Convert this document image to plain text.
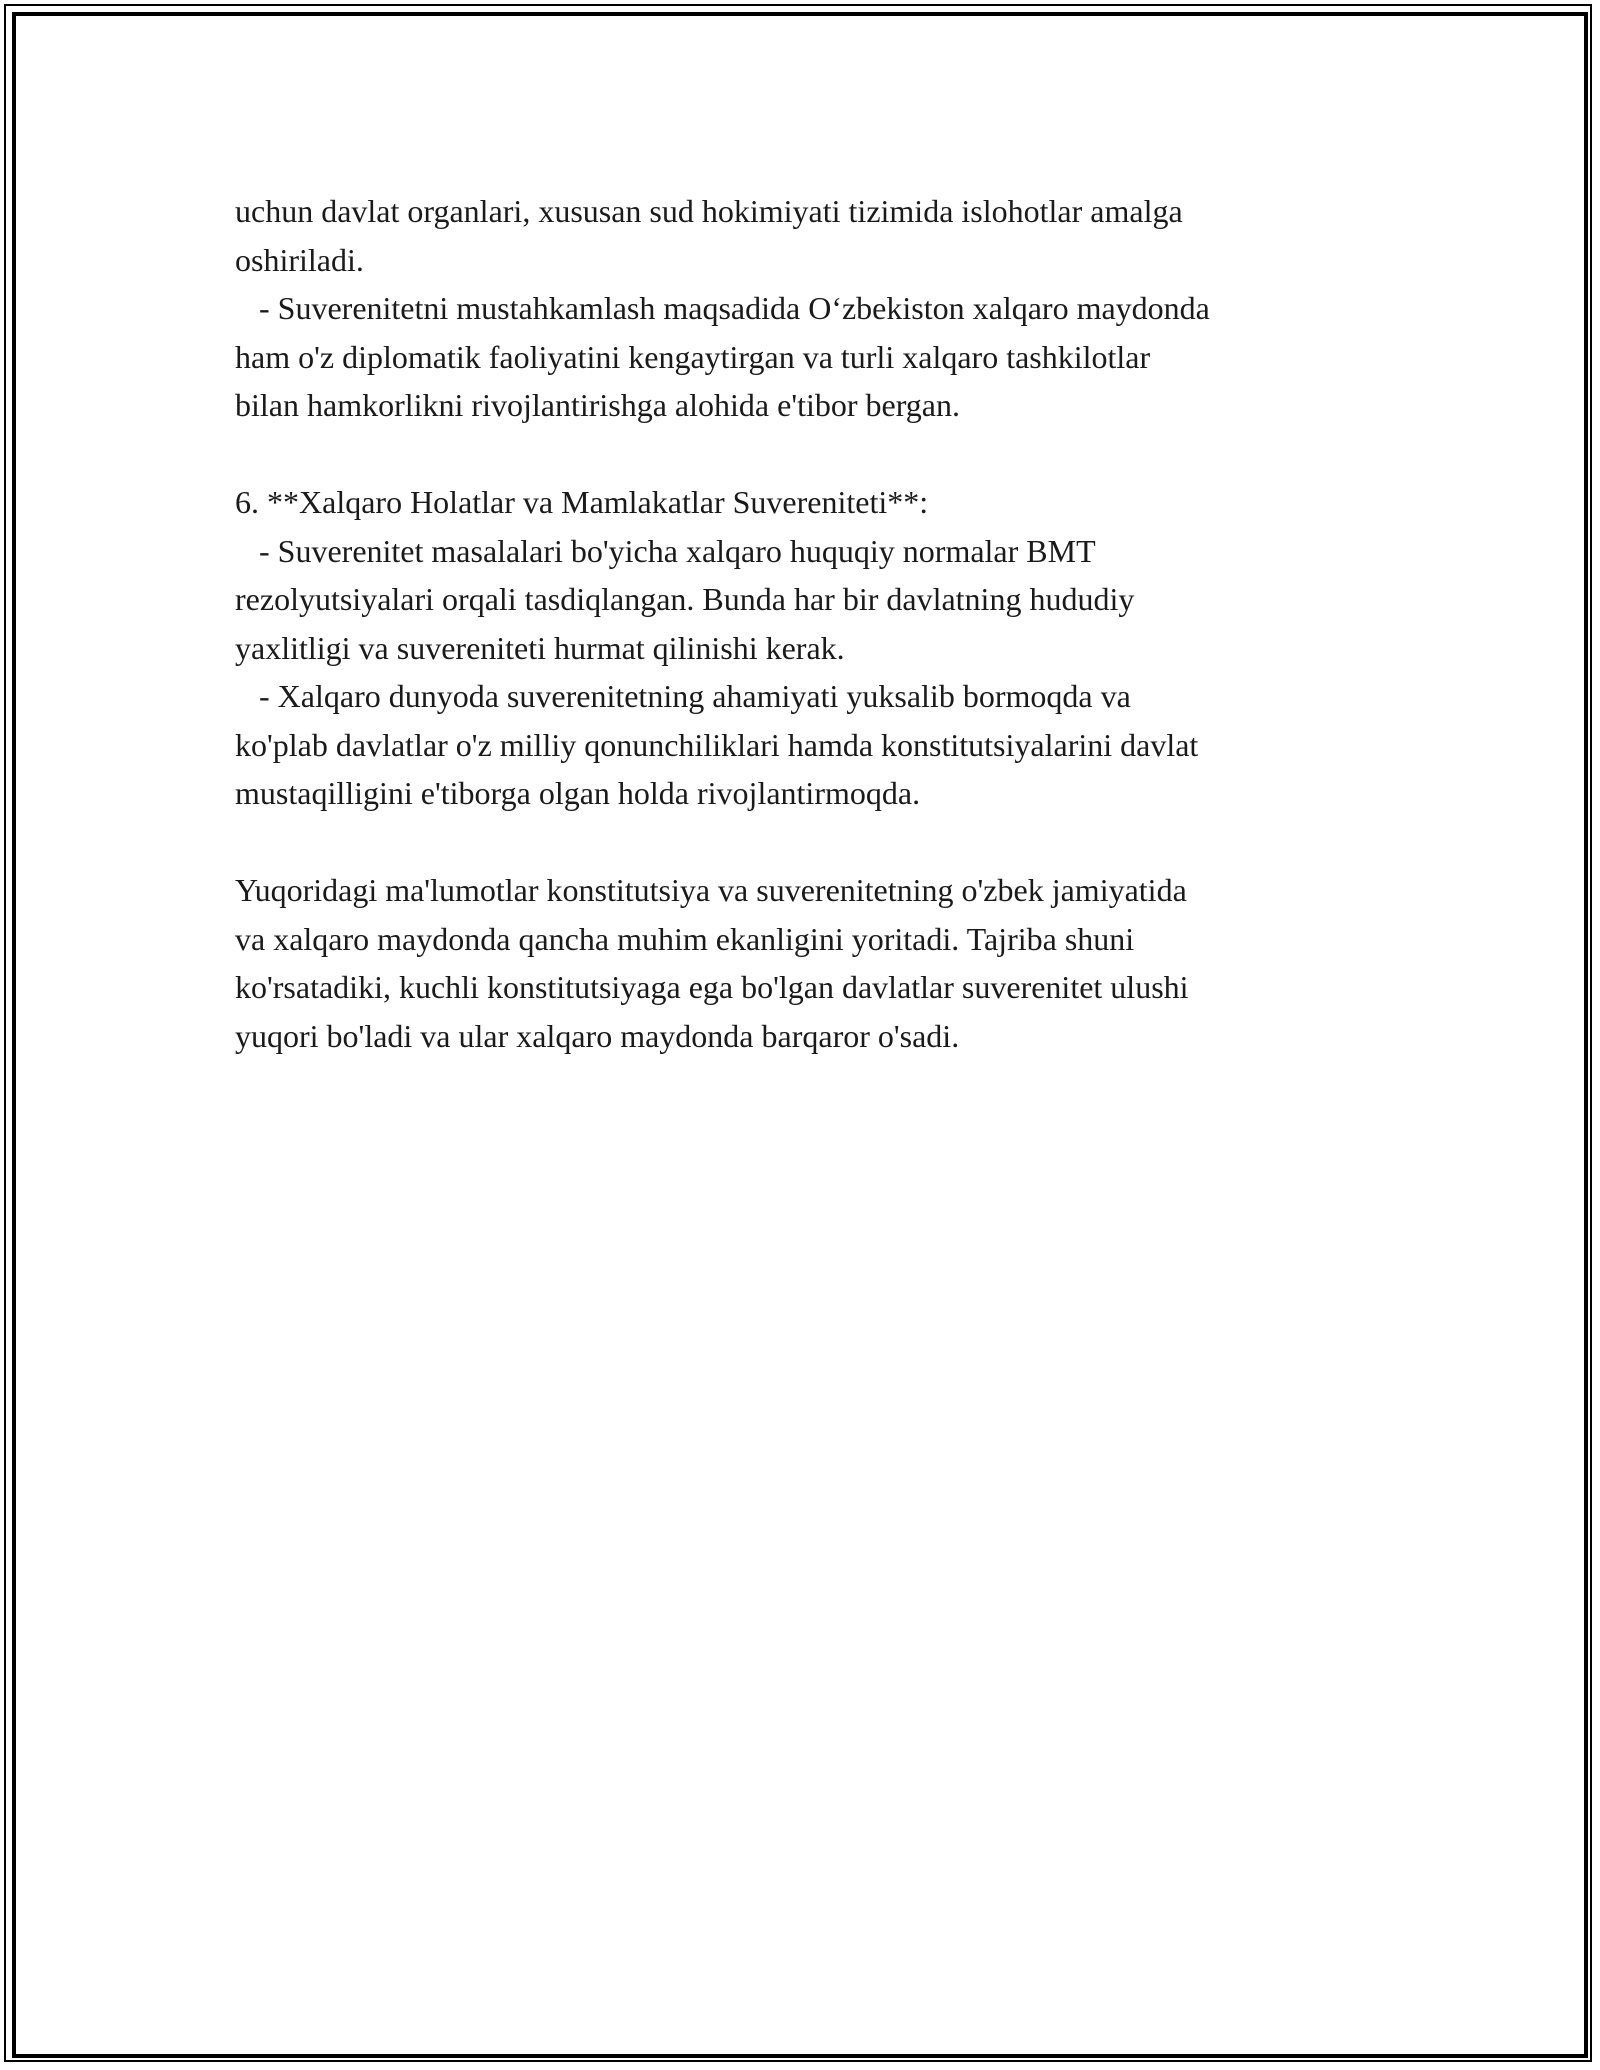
uchun davlat organlari, xususan sud hokimiyati tizimida islohotlar amalga
oshiriladi.
- Suverenitetni mustahkamlash maqsadida O‘zbekiston xalqaro maydonda
ham o'z diplomatik faoliyatini kengaytirgan va turli xalqaro tashkilotlar
bilan hamkorlikni rivojlantirishga alohida e'tibor bergan.
6. **Xalqaro Holatlar va Mamlakatlar Suvereniteti**:
- Suverenitet masalalari bo'yicha xalqaro huquqiy normalar BMT
rezolyutsiyalari orqali tasdiqlangan. Bunda har bir davlatning hududiy
yaxlitligi va suvereniteti hurmat qilinishi kerak.
- Xalqaro dunyoda suverenitetning ahamiyati yuksalib bormoqda va
ko'plab davlatlar o'z milliy qonunchiliklari hamda konstitutsiyalarini davlat
mustaqilligini e'tiborga olgan holda rivojlantirmoqda.
Yuqoridagi ma'lumotlar konstitutsiya va suverenitetning o'zbek jamiyatida
va xalqaro maydonda qancha muhim ekanligini yoritadi. Tajriba shuni
ko'rsatadiki, kuchli konstitutsiyaga ega bo'lgan davlatlar suverenitet ulushi
yuqori bo'ladi va ular xalqaro maydonda barqaror o'sadi.
